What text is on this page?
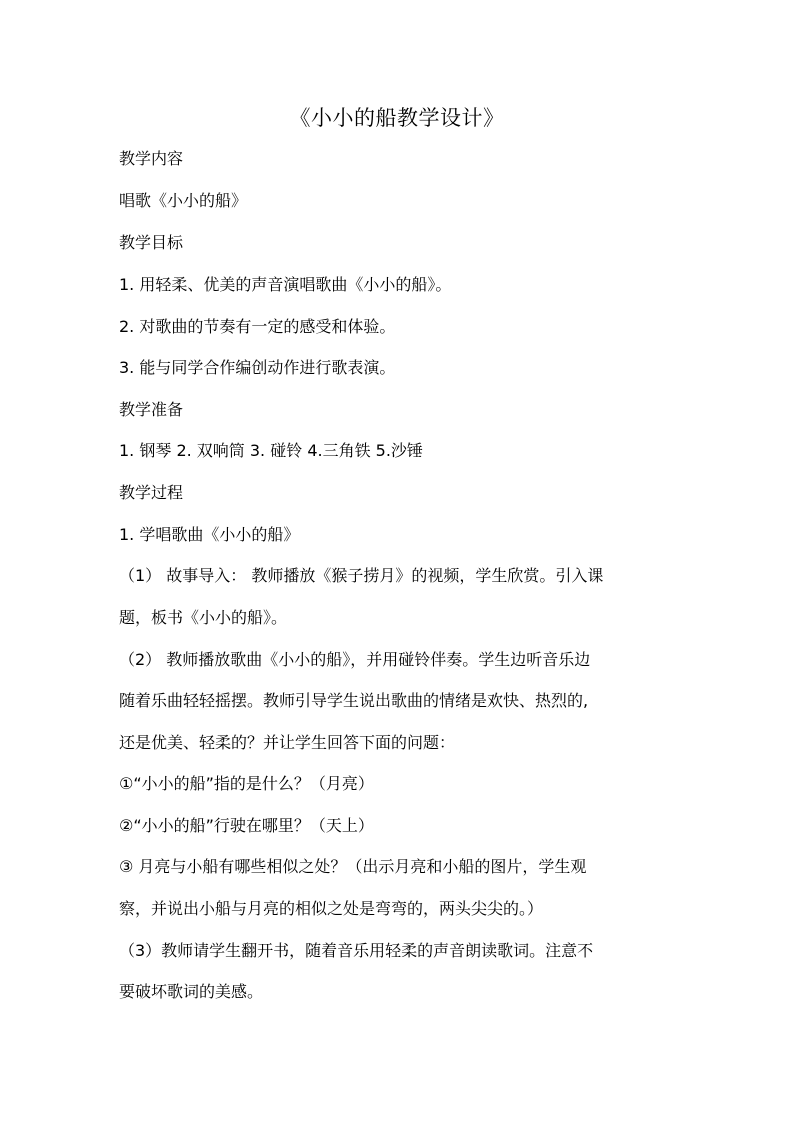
《小小的船教学设计》
教学内容
唱歌《小小的船》
教学目标
1. 用轻柔、优美的声音演唱歌曲《小小的船》。
2. 对歌曲的节奏有一定的感受和体验。
3. 能与同学合作编创动作进行歌表演。
教学准备
1. 钢琴 2. 双响筒 3. 碰铃 4.三角铁 5.沙锤
教学过程
1. 学唱歌曲《小小的船》
（1） 故事导入： 教师播放《猴子捞月》的视频，学生欣赏。引入课
题，板书《小小的船》。
（2） 教师播放歌曲《小小的船》，并用碰铃伴奏。学生边听音乐边
随着乐曲轻轻摇摆。教师引导学生说出歌曲的情绪是欢快、热烈的,
还是优美、轻柔的？并让学生回答下面的问题：
①“小小的船”指的是什么？（月亮）
②“小小的船”行驶在哪里？（天上）
③ 月亮与小船有哪些相似之处？（出示月亮和小船的图片，学生观
察，并说出小船与月亮的相似之处是弯弯的，两头尖尖的。）
（3）教师请学生翻开书，随着音乐用轻柔的声音朗读歌词。注意不
要破坏歌词的美感。
